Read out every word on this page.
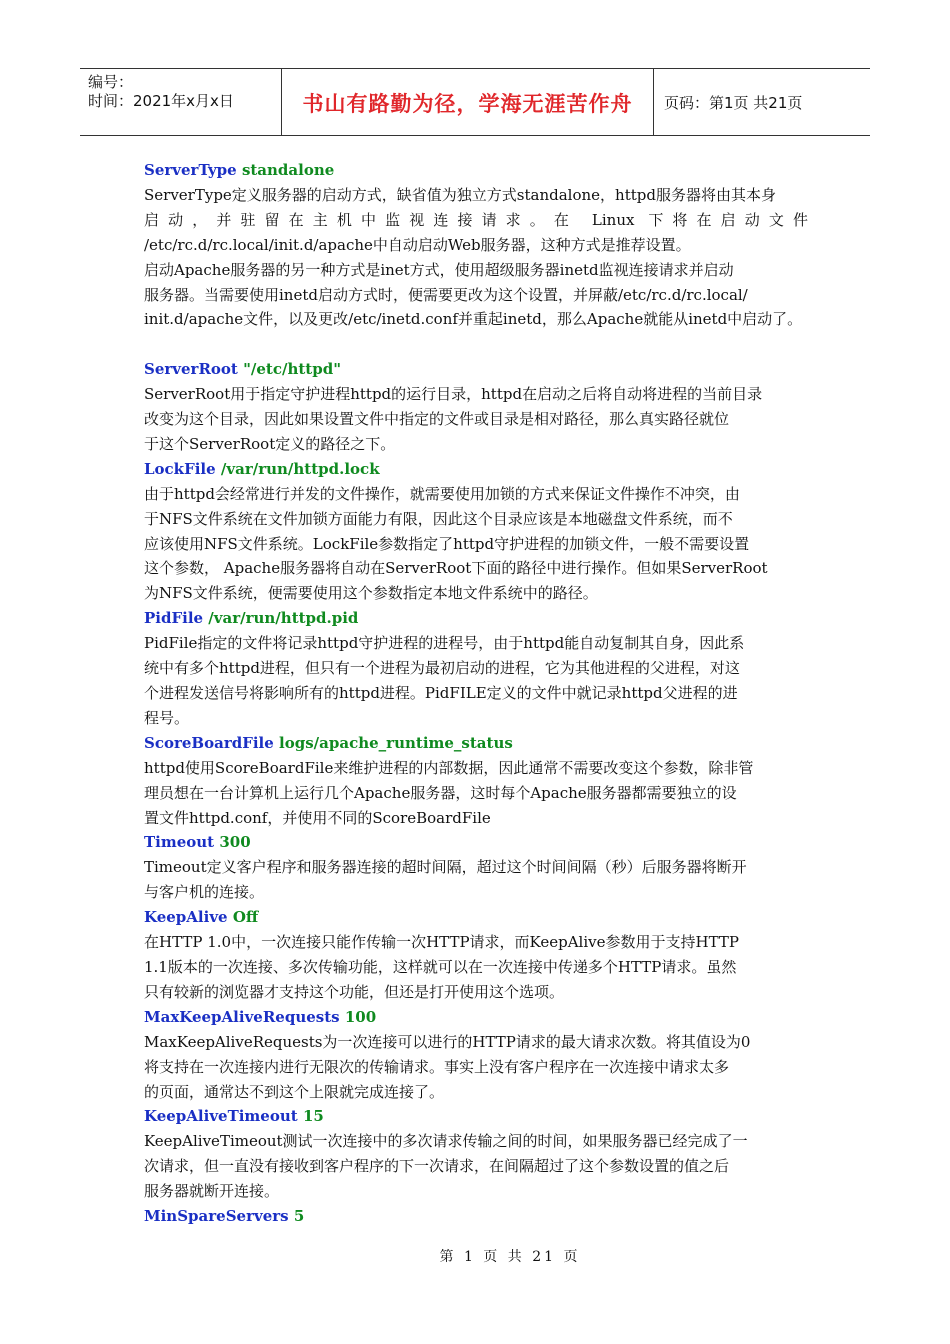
编号：
时间：2021年x月x日	书山有路勤为径，学海无涯苦作舟	页码：第1页 共21页
ServerType standalone
ServerType定义服务器的启动方式，缺省值为独立方式standalone，httpd服务器将由其本身
启动，并驻留在主机中监视连接请求。在 Linux 下将在启动文件
/etc/rc.d/rc.local/init.d/apache中自动启动Web服务器，这种方式是推荐设置。
启动Apache服务器的另一种方式是inet方式，使用超级服务器inetd监视连接请求并启动
服务器。当需要使用inetd启动方式时，便需要更改为这个设置，并屏蔽/etc/rc.d/rc.local/
init.d/apache文件，以及更改/etc/inetd.conf并重起inetd，那么Apache就能从inetd中启动了。
ServerRoot "/etc/httpd"
ServerRoot用于指定守护进程httpd的运行目录，httpd在启动之后将自动将进程的当前目录
改变为这个目录，因此如果设置文件中指定的文件或目录是相对路径，那么真实路径就位
于这个ServerRoot定义的路径之下。
LockFile /var/run/httpd.lock
由于httpd会经常进行并发的文件操作，就需要使用加锁的方式来保证文件操作不冲突，由
于NFS文件系统在文件加锁方面能力有限，因此这个目录应该是本地磁盘文件系统，而不
应该使用NFS文件系统。LockFile参数指定了httpd守护进程的加锁文件，一般不需要设置
这个参数， Apache服务器将自动在ServerRoot下面的路径中进行操作。但如果ServerRoot
为NFS文件系统，便需要使用这个参数指定本地文件系统中的路径。
PidFile /var/run/httpd.pid
PidFile指定的文件将记录httpd守护进程的进程号，由于httpd能自动复制其自身，因此系
统中有多个httpd进程，但只有一个进程为最初启动的进程，它为其他进程的父进程，对这
个进程发送信号将影响所有的httpd进程。PidFILE定义的文件中就记录httpd父进程的进
程号。
ScoreBoardFile logs/apache_runtime_status
httpd使用ScoreBoardFile来维护进程的内部数据，因此通常不需要改变这个参数，除非管
理员想在一台计算机上运行几个Apache服务器，这时每个Apache服务器都需要独立的设
置文件httpd.conf，并使用不同的ScoreBoardFile
Timeout 300
Timeout定义客户程序和服务器连接的超时间隔，超过这个时间间隔（秒）后服务器将断开
与客户机的连接。
KeepAlive Off
在HTTP 1.0中，一次连接只能作传输一次HTTP请求，而KeepAlive参数用于支持HTTP
1.1版本的一次连接、多次传输功能，这样就可以在一次连接中传递多个HTTP请求。虽然
只有较新的浏览器才支持这个功能，但还是打开使用这个选项。
MaxKeepAliveRequests 100
MaxKeepAliveRequests为一次连接可以进行的HTTP请求的最大请求次数。将其值设为0
将支持在一次连接内进行无限次的传输请求。事实上没有客户程序在一次连接中请求太多
的页面，通常达不到这个上限就完成连接了。
KeepAliveTimeout 15
KeepAliveTimeout测试一次连接中的多次请求传输之间的时间，如果服务器已经完成了一
次请求，但一直没有接收到客户程序的下一次请求，在间隔超过了这个参数设置的值之后
服务器就断开连接。
MinSpareServers 5
第 1 页 共 21 页
